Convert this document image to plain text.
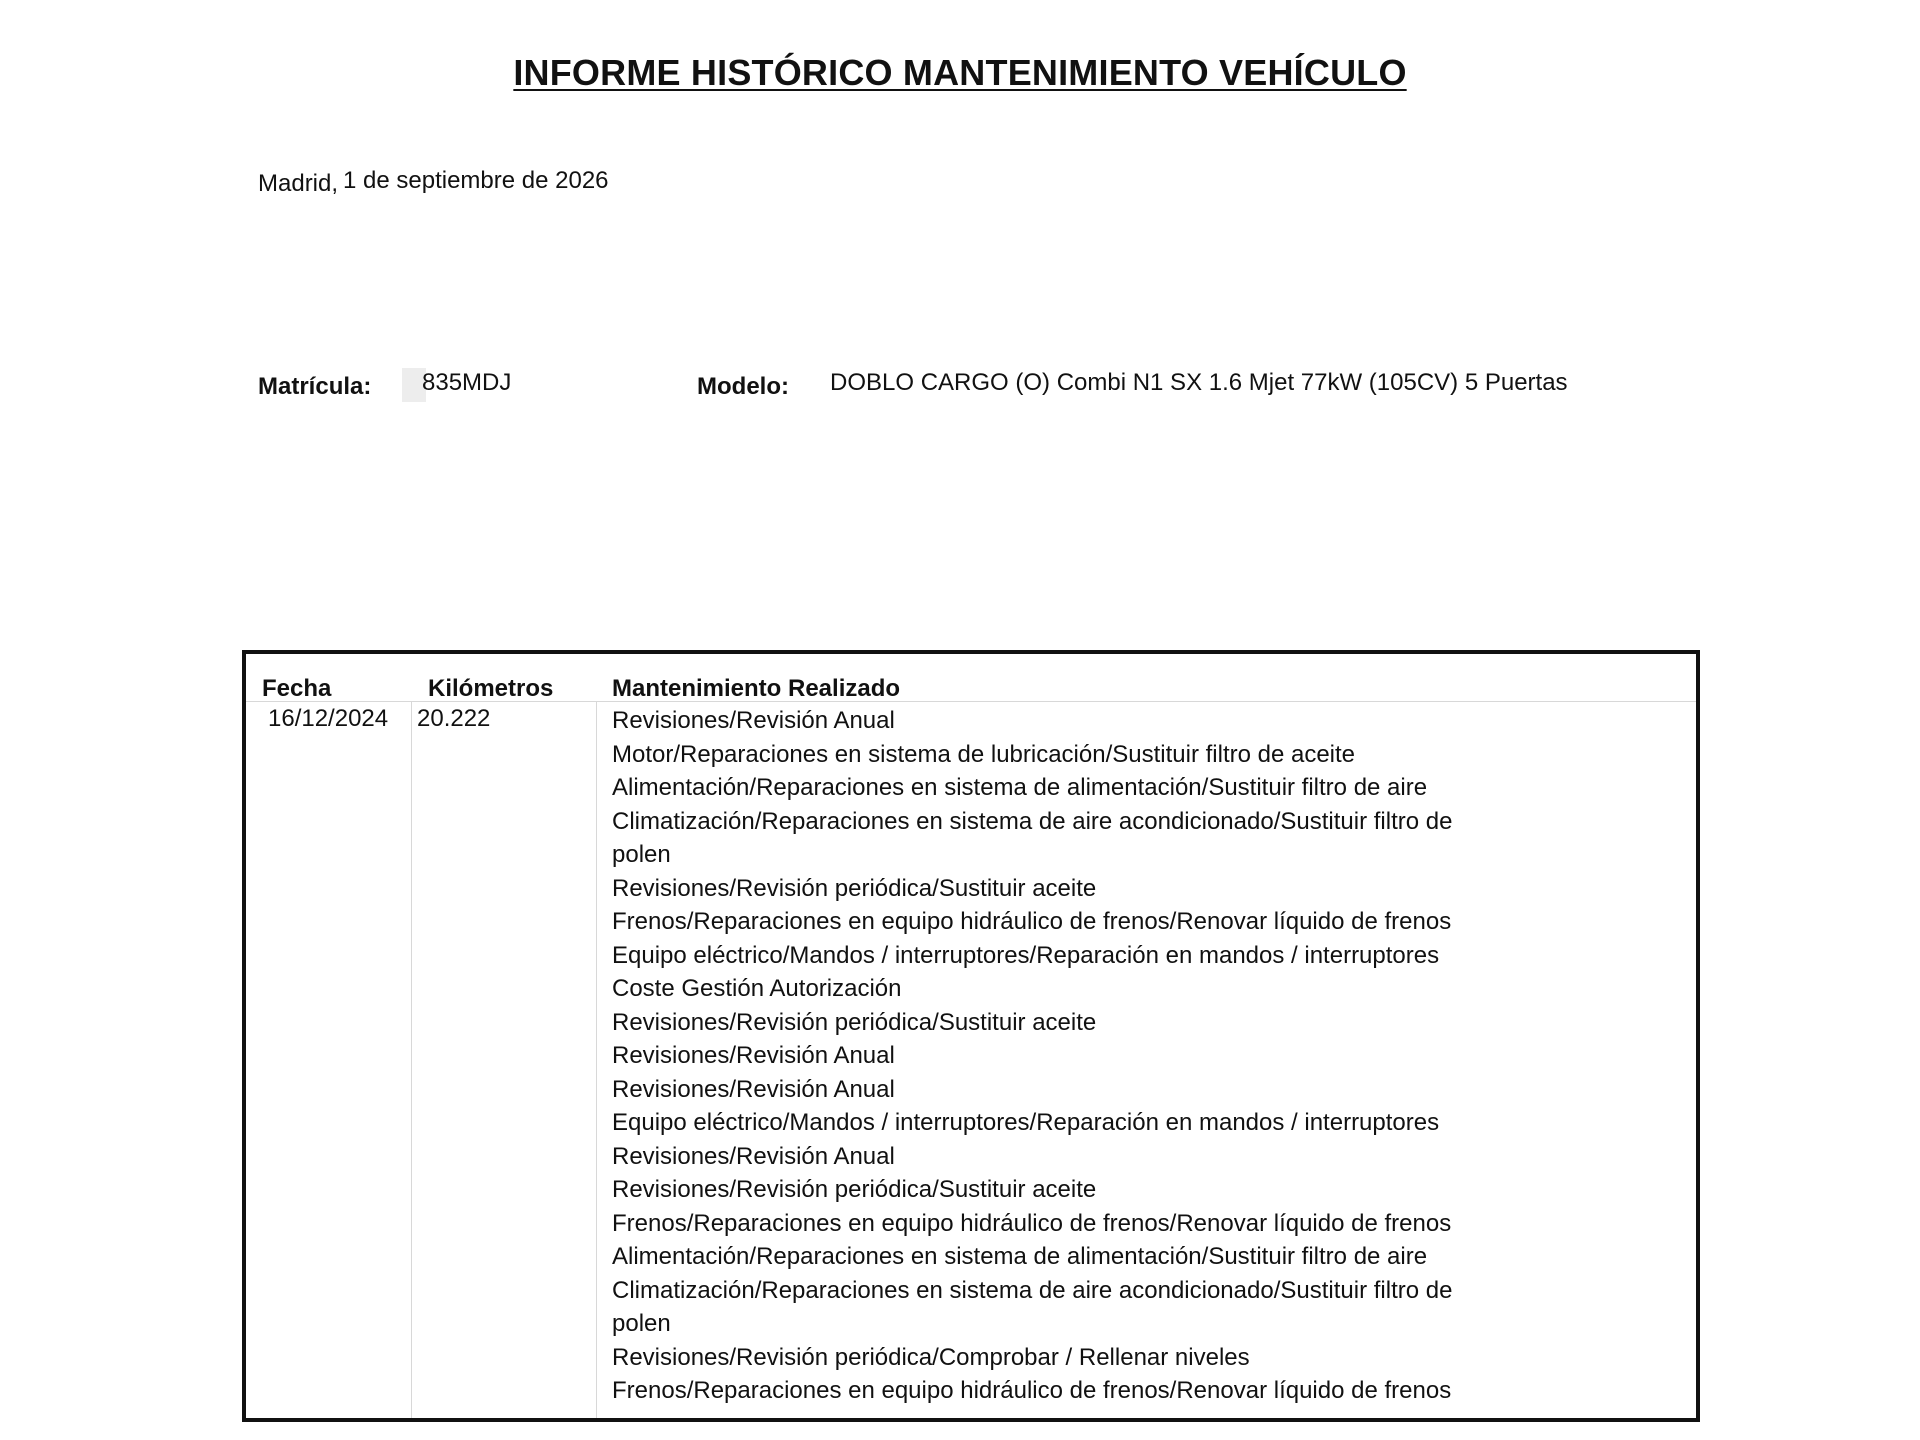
INFORME HISTÓRICO MANTENIMIENTO VEHÍCULO
Madrid, 1 de septiembre de 2026
Matrícula: 835MDJ	Modelo: DOBLO CARGO (O) Combi N1 SX 1.6 Mjet 77kW (105CV) 5 Puertas
Fecha	Kilómetros Mantenimiento Realizado
16/12/2024 20.222	Revisiones/Revisión Anual
Motor/Reparaciones en sistema de lubricación/Sustituir filtro de aceite
Alimentación/Reparaciones en sistema de alimentación/Sustituir filtro de aire
Climatización/Reparaciones en sistema de aire acondicionado/Sustituir filtro de
polen
Revisiones/Revisión periódica/Sustituir aceite
Frenos/Reparaciones en equipo hidráulico de frenos/Renovar líquido de frenos
Equipo eléctrico/Mandos / interruptores/Reparación en mandos / interruptores
Coste Gestión Autorización
Revisiones/Revisión periódica/Sustituir aceite
Revisiones/Revisión Anual
Revisiones/Revisión Anual
Equipo eléctrico/Mandos / interruptores/Reparación en mandos / interruptores
Revisiones/Revisión Anual
Revisiones/Revisión periódica/Sustituir aceite
Frenos/Reparaciones en equipo hidráulico de frenos/Renovar líquido de frenos
Alimentación/Reparaciones en sistema de alimentación/Sustituir filtro de aire
Climatización/Reparaciones en sistema de aire acondicionado/Sustituir filtro de
polen
Revisiones/Revisión periódica/Comprobar / Rellenar niveles
Frenos/Reparaciones en equipo hidráulico de frenos/Renovar líquido de frenos
